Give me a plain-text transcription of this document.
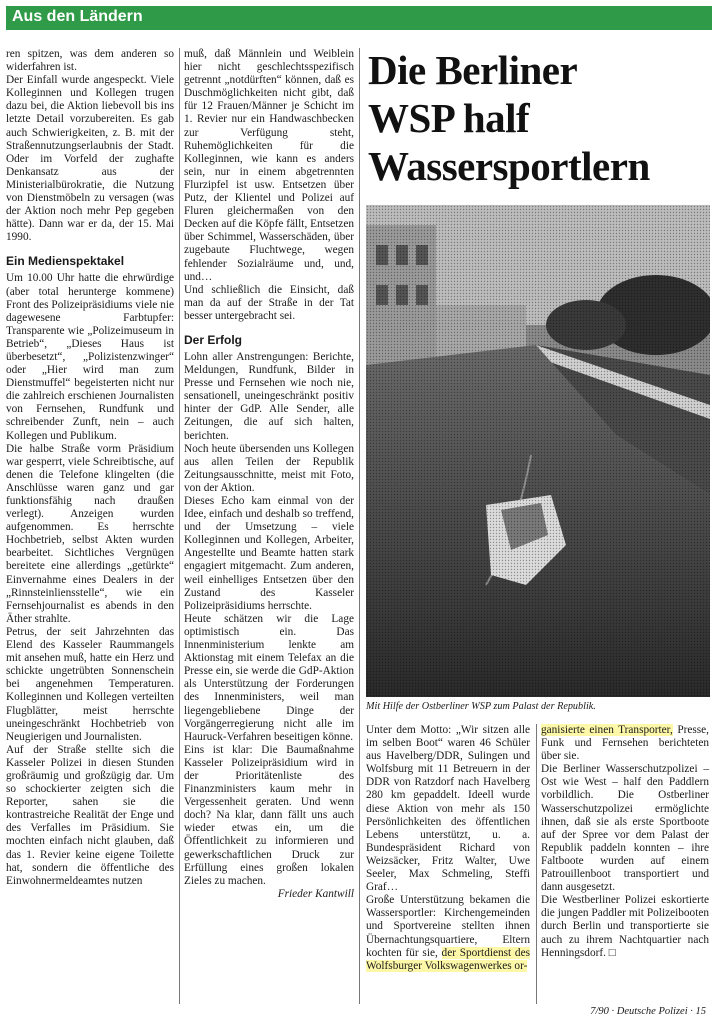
Aus den Ländern

ren spitzen, was dem anderen so widerfahren ist.

Der Einfall wurde angespeckt. Viele Kolleginnen und Kollegen trugen dazu bei, die Aktion liebevoll bis ins letzte Detail vorzubereiten. Es gab auch Schwierigkeiten, z. B. mit der Straßennutzungserlaubnis der Stadt. Oder im Vorfeld der zughafte Denkansatz aus der Ministerialbürokratie, die Nutzung von Dienstmöbeln zu versagen (was der Aktion noch mehr Pep gegeben hätte). Dann war er da, der 15. Mai 1990.

Ein Medienspektakel

Um 10.00 Uhr hatte die ehrwürdige (aber total herunterge kommene) Front des Polizeipräsidiums viele nie dagewesene Farbtupfer: Transparente wie „Polizeimuseum in Betrieb“, „Dieses Haus ist überbesetzt“, „Polizistenzwinger“ oder „Hier wird man zum Dienstmuffel“ begeisterten nicht nur die zahlreich erschienen Journalisten von Fernsehen, Rundfunk und schreibender Zunft, nein – auch Kollegen und Publikum.

Die halbe Straße vorm Präsidium war gesperrt, viele Schreibtische, auf denen die Telefone klingelten (die Anschlüsse waren ganz und gar funktionsfähig nach draußen verlegt). Anzeigen wurden aufgenommen. Es herrschte Hochbetrieb, selbst Akten wurden bearbeitet. Sichtliches Vergnügen bereitete eine allerdings „getürkte“ Einvernahme eines Dealers in der „Rinnsteinliensstelle“, wie ein Fernsehjournalist es abends in den Äther strahlte.

Petrus, der seit Jahrzehnten das Elend des Kasseler Raummangels mit ansehen muß, hatte ein Herz und schickte ungetrübten Sonnenschein bei angenehmen Temperaturen. Kolleginnen und Kollegen verteilten Flugblätter, meist herrschte uneingeschränkt Hochbetrieb von Neugierigen und Journalisten.

Auf der Straße stellte sich die Kasseler Polizei in diesen Stunden großräumig und großzügig dar. Um so schockierter zeigten sich die Reporter, sahen sie die kontrastreiche Realität der Enge und des Verfalles im Präsidium. Sie mochten einfach nicht glauben, daß das 1. Revier keine eigene Toilette hat, sondern die öffentliche des Einwohnermeldeamtes nutzen

muß, daß Männlein und Weiblein hier nicht geschlechtsspezifisch getrennt „notdürften“ können, daß es Duschmöglichkeiten nicht gibt, daß für 12 Frauen/Männer je Schicht im 1. Revier nur ein Handwaschbecken zur Verfügung steht, Ruhemöglichkeiten für die Kolleginnen, wie kann es anders sein, nur in einem abgetrennten Flurzipfel ist usw. Entsetzen über Putz, der Klientel und Polizei auf Fluren gleichermaßen von den Decken auf die Köpfe fällt, Entsetzen über Schimmel, Wasserschäden, über zugebaute Fluchtwege, wegen fehlender Sozialräume und, und, und…

Und schließlich die Einsicht, daß man da auf der Straße in der Tat besser untergebracht sei.

Der Erfolg

Lohn aller Anstrengungen: Berichte, Meldungen, Rundfunk, Bilder in Presse und Fernsehen wie noch nie, sensationell, uneingeschränkt positiv hinter der GdP. Alle Sender, alle Zeitungen, die auf sich halten, berichten.

Noch heute übersenden uns Kollegen aus allen Teilen der Republik Zeitungsausschnitte, meist mit Foto, von der Aktion.

Dieses Echo kam einmal von der Idee, einfach und deshalb so treffend, und der Umsetzung – viele Kolleginnen und Kollegen, Arbeiter, Angestellte und Beamte hatten stark engagiert mitgemacht. Zum anderen, weil einhelliges Entsetzen über den Zustand des Kasseler Polizeipräsidiums herrschte.

Heute schätzen wir die Lage optimistisch ein. Das Innenministerium lenkte am Aktionstag mit einem Telefax an die Presse ein, sie werde die GdP-Aktion als Unterstützung der Forderungen des Innenministers, weil man liegengebliebene Dinge der Vorgängerregierung nicht alle im Hauruck-Verfahren beseitigen könne.

Eins ist klar: Die Baumaßnahme Kasseler Polizeipräsidium wird in der Prioritätenliste des Finanzministers kaum mehr in Vergessenheit geraten. Und wenn doch? Na klar, dann fällt uns auch wieder etwas ein, um die Öffentlichkeit zu informieren und gewerkschaftlichen Druck zur Erfüllung eines großen lokalen Zieles zu machen.

Frieder Kantwill

Die Berliner
WSP half
Wassersportlern
Mit Hilfe der Ostberliner WSP zum Palast der Republik.

Unter dem Motto: „Wir sitzen alle im selben Boot“ waren 46 Schüler aus Havelberg/DDR, Sulingen und Wolfsburg mit 11 Betreuern in der DDR von Ratzdorf nach Havelberg 280 km gepaddelt. Ideell wurde diese Aktion von mehr als 150 Persönlichkeiten des öffentlichen Lebens unterstützt, u. a. Bundespräsident Richard von Weizsäcker, Fritz Walter, Uwe Seeler, Max Schmeling, Steffi Graf…

Große Unterstützung bekamen die Wassersportler: Kirchengemeinden und Sportvereine stellten ihnen Übernachtungsquartiere, Eltern kochten für sie, der Sportdienst des Wolfsburger Volkswagenwerkes or-

ganisierte einen Transporter, Presse, Funk und Fernsehen berichteten über sie.

Die Berliner Wasserschutzpolizei – Ost wie West – half den Paddlern vorbildlich. Die Ostberliner Wasserschutzpolizei ermöglichte ihnen, daß sie als erste Sportboote auf der Spree vor dem Palast der Republik paddeln konnten – ihre Faltboote wurden auf einem Patrouillenboot transportiert und dann ausgesetzt.

Die Westberliner Polizei eskortierte die jungen Paddler mit Polizeibooten durch Berlin und transportierte sie auch zu ihrem Nachtquartier nach Henningsdorf. □

7/90 · Deutsche Polizei · 15
